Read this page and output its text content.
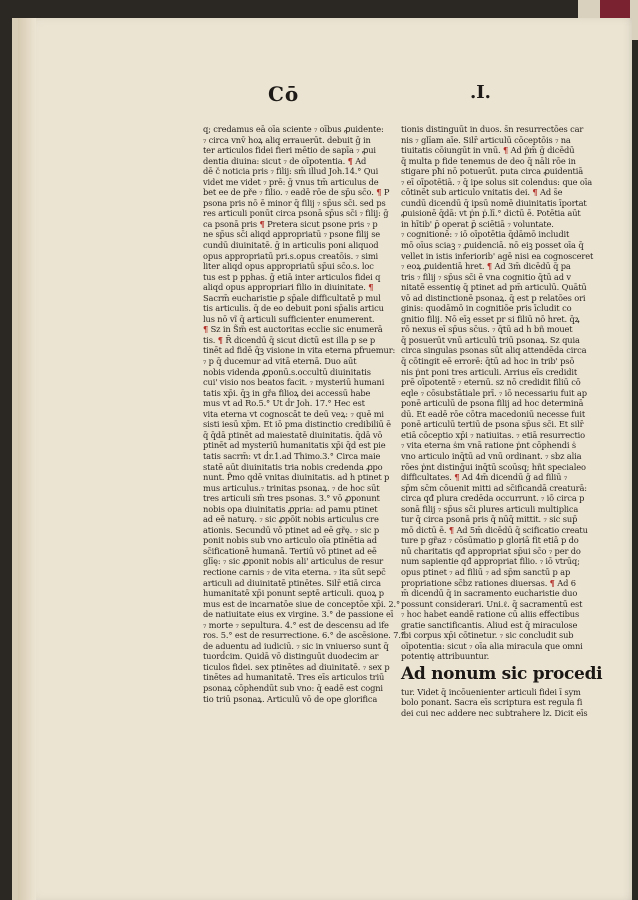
Cō	.I.
q; credamus eā oīa sciente ₇ oībus ꝓuidente:
₇ circa vnv̄ hoꝝ aliq errauerūt. debuit ḡ in
ter articulos fidei fieri mētio de sapīa ₇ ꝓui
dentia diuina: sicut ₇ de oīpotentia. ¶ Ad
dē č noticia pris ₇ filij: sm̄ illud Joh.14.° Qui
videt me videt ₇ prē: ḡ vnus tm̄ articulus de
bet ee de pře ₇ filio. ₇ eadē rōe de sp̄u sc̄o. ¶ P
psona pris nō ē minor q̄ filij ₇ sp̄us sc̄i. sed ps
res articuli ponūt circa psonā sp̄us sc̄i ₇ filij: ḡ
ca psonā pris ¶ Pretera sicut psone pris ₇ p
ne sp̄us sc̄i aliqd appropriatū ₇ psone filij se
cundū diuinitatē. ḡ in articulis poni aliquod
opus appropriatū pri.s.opus creatōis. ₇ simi
liter aliqd opus appropriatū sp̄ui sc̄o.s. loc
tus est p pphas. ḡ etiā inter articulos fidei q
aliqd opus appropriari filio in diuinitate. ¶
Sacrm̄ eucharistie ꝑ sp̄ale difficultatē p mul
tis articulis. q̄ de eo debuit poni sp̄alis articu
lus nō vĩ q̄ articuli sufficienter enumerent.
¶ Sz in S̃m̃ est auctoritas ecclie sic enumerā
tis. ¶ R̄ dicendū q̄ sicut dictū est illa p se p
tinēt ad fidē q̄ꝫ visione in vita eterna pfruemur:
₇ p q̄ ducemur ad vitā eternā. Duo aūt
nobis videnda ꝓponū.s.occultū diuinitatis
cui' visio nos beatos facit. ₇ mysteriū humani
tatis xp̄i. q̄ꝫ in gřa filioꝝ dei accessū habe
mus vt ad Ro.5.° Ut ḋr Joh. 17.° Hec est
vita eterna vt cognoscāt te deū veꝝ: ₇ quē mi
sisti iesū xp̄m. Et iō pma distinctio credibiliū ē
q̄ q̄dā ptinēt ad maiestatē diuinitatis. q̄dā vō
ptinēt ad mysteriū humanitatis xp̄i q̄d est pie
tatis sacrm̄: vt ḋr.1.ad Thimo.3.° Circa maie
statē aūt diuinitatis tria nobis credenda ꝓpo
nunt. P̃mo qdē vnitas diuinitatis. ad h ptinet p
mus articulus.₇ trinitas psonaꝝ. ₇ de hoc sūt
tres articuli sm̄ tres psonas. 3.° vō ꝓponunt
nobis opa diuinitatis ꝓpria: ad pamu ptinet
ad eē naturę. ₇ sic ꝓpōit nobis articulus cre
ationis. Secundū vō ptinet ad eē gr̃ę. ₇ sic p
ponit nobis sub vno articulo oīa ptinētia ad
sc̄ificationē humanā. Tertiū vō ptinet ad eē
glīę: ₇ sic ꝓponit nobis ali' articulus de resur
rectione carnis ₇ de vita eterna. ₇ ita sūt sepc̄
articuli ad diuinitatē ptinētes. Silr̄ etiā circa
humanitatē xp̄i ponunt septē articuli. quoꝝ p
mus est de incarnatōe siue de conceptōe xp̄i. 2.°
de natiuitate eius ex virgine. 3.° de passione eī
₇ morte ₇ sepultura. 4.° est de descensu ad ife
ros. 5.° est de resurrectione. 6.° de ascēsione. 7.°
de aduentu ad iudiciū. ₇ sic in vniuerso sunt q̄
tuorḋcim. Quidā vō distinguūt duodecim ar
ticulos fidei. sex ptinētes ad diuinitatē. ₇ sex p
tinētes ad humanitatē. Tres eīs articulos triū
psonaꝝ cōphendūt sub vno: q̄ eadē est cogni
tio triū psonaꝝ. Articulū vō de ope glorifica
tionis distinguūt in duos. s̄n resurrectōes car
nis ₇ glīam aīe. Silr̄ articulū cōceptōis ₇ na
tiuitatis cōiungūt in vnū. ¶ Ad p̃m̄ ḡ dicēdū
q̄ multa p fide tenemus de deo q̄ nāli rōe in
stigare pħi nō potuerūt. puta circa ꝓuidentiā
₇ eī oīpotētiā. ₇ q̄ ipe solus sit colendus: que oīa
cōtinēt sub articulo vnitatis dei. ¶ Ad s̄e
cundū dicendū q̄ ipsū nomē diuinitatis īportat
ꝓuisionē q̄dā: vt ṗn ṗ.lī.° dictū ē. Potētia aūt
in hītib' ꝑ̄ operat ꝑ̄ sciētiā ₇ voluntate.
₇ cognitionē: ₇ iō oīpotētia q̄dāmō includit
mō oīus sciaꝫ ₇ ꝓuidenciā. nō eiꝫ posset oīa q̄
vellet in istis inferiorib' agē nisi ea cognosceret
₇ eoꝝ ꝓuidentiā hret. ¶ Ad 3m̄ dicēdū q̄ pa
tris ₇ filij ₇ sp̄us sc̄i ē vna cognitio q̄tū ad v
nitatē essentię q̄ ptinet ad pm̄ articulū. Quātū
vō ad distinctionē psonaꝝ. q̄ est p relatōes ori
ginis: quodāmō in cognitiōe pris īcludit co
gnitio filij. Nō eīꝫ esset pr si filiū nō hret. q̄ꝝ
rō nexus eī sp̄us sc̄us. ₇ q̄tū ad h bñ mouet
q̄ posuerūt vnū articulū triū psonaꝝ. Sz quia
circa singulas psonas sūt aliq attendēda circa
q̄ cōtingit eē errorē: q̄tū ad hoc in trib' psō
nis ṗnt poni tres articuli. Arrius eīs credidit
prē oīpotentē ₇ eternū. sz nō credidit filiū cō
eqle ₇ cōsubstātiale prī. ₇ iō necessariu fuit ap
ponē articulū de psona filij ad hoc determinā
dū. Et eadē rōe cōtra macedoniū necesse fuit
ponē articulū tertiū de psona sp̄us sc̄i. Et silr̄
etiā cōceptio xp̄i ₇ natiuitas. ₇ etiā resurrectio
₇ vita eterna ṡm vnā ratione ṗnt cōphendi ṡ
vno articulo inq̄tū ad vnū ordinant. ₇ sbz alia
rōes ṗnt distinḡui inq̄tū scoūsq; hñt specialeo
difficultates. ¶ Ad 4m̄ dicendū ḡ ad filiū ₇
sp̄m sc̄m cōuenit mitti ad sc̄ificandā creaturā:
circa qđ plura credēda occurrunt. ₇ iō circa p
sonā filij ₇ sp̄us sc̄i plures articuli multiplica
tur q̄ circa psonā pris q̄ nūq̄ mittit. ₇ sic sup̄
mō dictū ē. ¶ Ad 5m̄ dicēdū q̄ scificatio creatu
ture p gr̃az ₇ cōsūmatio p gloriā fit etiā p do
nū charitatis qđ appropriat sp̄ui sc̄o ₇ per do
num sapientie qđ appropriat filio. ₇ iō vtrūq;
opus ptinet ₇ ad filiū ₇ ad sp̄m sanctū p ap
propriatione sc̄bz rationes diuersas. ¶ Ad 6
m̄ dicendū q̄ in sacramento eucharistie duo
possunt considerari. Uni.ℓ. q̄ sacramentū est
₇ hoc habet eandē ratione cū aliis effectibus
gratie sanctificantis. Aliud est q̄ miraculose
ibi corpus xp̄i cōtinetur. ₇ sic concludit sub
oīpotentia: sicut ₇ oīa alia miracula que omni
potentię attribuuntur.
Ad nonum sic procedi
tur. Videt q̄ incōuenienter articuli fidei ī sym
bolo ponant. Sacra eīs scriptura est regula fi
dei cui nec addere nec subtrahere lz. Dicit eīs
